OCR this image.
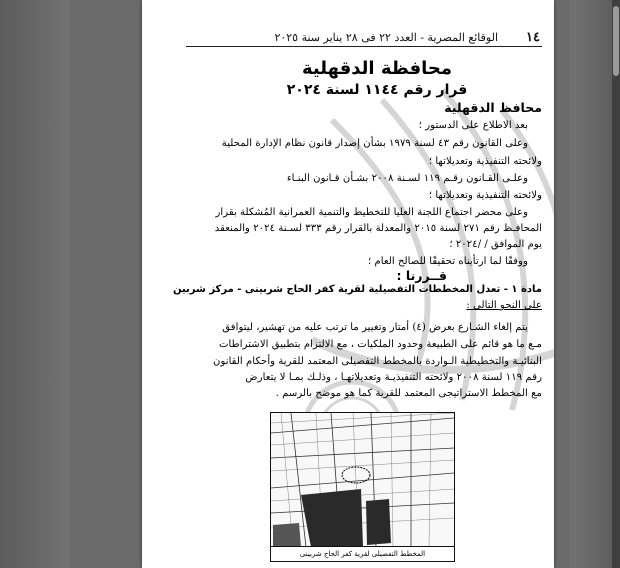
١٤
الوقائع المصرية - العدد ٢٢ فى ٢٨ يناير سنة ٢٠٢٥
محافظة الدقهلية
قرار رقم ١١٤٤ لسنة ٢٠٢٤
محافظ الدقهلية
بعد الاطلاع على الدستور ؛
وعلى القانون رقم ٤٣ لسنة ١٩٧٩ بشأن إصدار قانون نظام الإدارة المحلية
ولائحته التنفيذية وتعديلاتها ؛
وعلـى القـانون رقـم ١١٩ لسـنة ٢٠٠٨ بشـأن قـانون البنـاء
ولائحته التنفيذية وتعديلاتها ؛
وعلى محضر اجتماع اللجنة العليا للتخطيط والتنمية العمرانية المُشكلة بقرار
المحافـظ رقم ٢٧١ لسنة ٢٠١٥ والمعدلة بالقرار رقم ٣٣٣ لسـنة ٢٠٢٤ والمنعقد
يوم الموافق / /٢٠٢٤ ؛
ووفقًا لما ارتأيناه تحقيقًا للصالح العام ؛
قــررنا :
مادة ١ - تعدل المخططات التفصيلية لقرية كفر الحاج شربينى - مركز شربين
على النحو التالى :
يتم إلغاء الشـارع بعرض (٤) أمتار وتغيير ما ترتب عليه من تهشير، ليتوافق
مـع ما هو قائم على الطبيعة وحدود الملكيات ، مع الالتزام بتطبيق الاشتراطات
البنائيـة والتخطيطية الـواردة بالمخطط التفصيلى المعتمد للقرية وأحكام القانون
رقم ١١٩ لسنة ٢٠٠٨ ولائحته التنفيذيـة وتعديلاتهـا ، وذلـك بمـا لا يتعارض
مع المخطط الاستراتيجى المعتمد للقرية كما هو موضح بالرسم .
المخطط التفصيلى لقرية كفر الحاج شربينى
